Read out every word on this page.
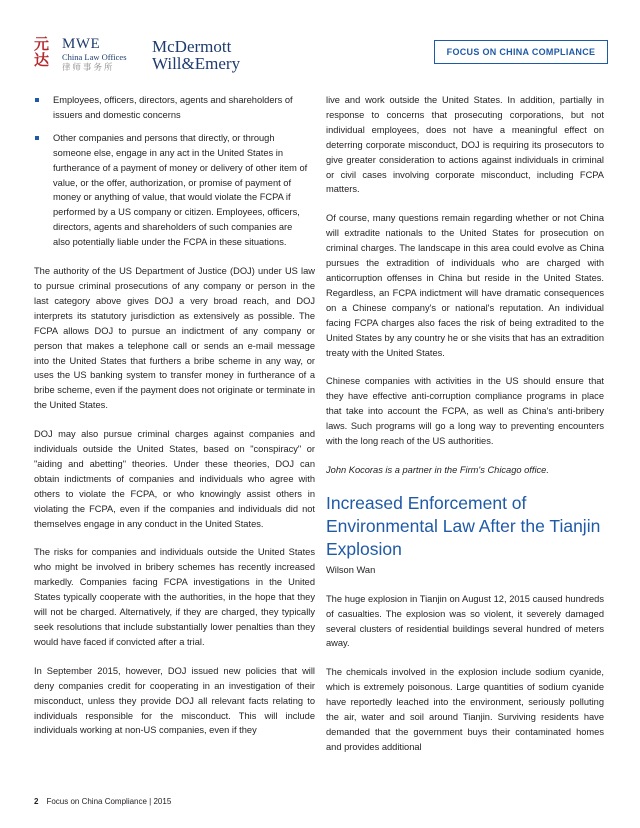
元达
MWE
China Law Offices
律师事务所
McDermott
Will&Emery
FOCUS ON CHINA COMPLIANCE
Employees, officers, directors, agents and shareholders of issuers and domestic concerns
Other companies and persons that directly, or through someone else, engage in any act in the United States in furtherance of a payment of money or delivery of other item of value, or the offer, authorization, or promise of payment of money or anything of value, that would violate the FCPA if performed by a US company or citizen. Employees, officers, directors, agents and shareholders of such companies are also potentially liable under the FCPA in these situations.

The authority of the US Department of Justice (DOJ) under US law to pursue criminal prosecutions of any company or person in the last category above gives DOJ a very broad reach, and DOJ interprets its statutory jurisdiction as extensively as possible. The FCPA allows DOJ to pursue an indictment of any company or person that makes a telephone call or sends an e-mail message into the United States that furthers a bribe scheme in any way, or uses the US banking system to transfer money in furtherance of a bribe scheme, even if the payment does not originate or terminate in the United States.

DOJ may also pursue criminal charges against companies and individuals outside the United States, based on "conspiracy" or "aiding and abetting" theories. Under these theories, DOJ can obtain indictments of companies and individuals who agree with others to violate the FCPA, or who knowingly assist others in violating the FCPA, even if the companies and individuals did not themselves engage in any conduct in the United States.

The risks for companies and individuals outside the United States who might be involved in bribery schemes has recently increased markedly. Companies facing FCPA investigations in the United States typically cooperate with the authorities, in the hope that they will not be charged. Alternatively, if they are charged, they typically seek resolutions that include substantially lower penalties than they would have faced if convicted after a trial.

In September 2015, however, DOJ issued new policies that will deny companies credit for cooperating in an investigation of their misconduct, unless they provide DOJ all relevant facts relating to individuals responsible for the misconduct. This will include individuals working at non-US companies, even if they

live and work outside the United States. In addition, partially in response to concerns that prosecuting corporations, but not individual employees, does not have a meaningful effect on deterring corporate misconduct, DOJ is requiring its prosecutors to give greater consideration to actions against individuals in criminal or civil cases involving corporate misconduct, including FCPA matters.

Of course, many questions remain regarding whether or not China will extradite nationals to the United States for prosecution on criminal charges. The landscape in this area could evolve as China pursues the extradition of individuals who are charged with anticorruption offenses in China but reside in the United States. Regardless, an FCPA indictment will have dramatic consequences on a Chinese company's or national's reputation. An individual facing FCPA charges also faces the risk of being extradited to the United States by any country he or she visits that has an extradition treaty with the United States.

Chinese companies with activities in the US should ensure that they have effective anti-corruption compliance programs in place that take into account the FCPA, as well as China's anti-bribery laws. Such programs will go a long way to preventing encounters with the long reach of the US authorities.

John Kocoras is a partner in the Firm's Chicago office.

Increased Enforcement of Environmental Law After the Tianjin Explosion

Wilson Wan

The huge explosion in Tianjin on August 12, 2015 caused hundreds of casualties. The explosion was so violent, it severely damaged several clusters of residential buildings several hundred of meters away.

The chemicals involved in the explosion include sodium cyanide, which is extremely poisonous. Large quantities of sodium cyanide have reportedly leached into the environment, seriously polluting the air, water and soil around Tianjin. Surviving residents have demanded that the government buys their contaminated homes and provides additional

2 Focus on China Compliance | 2015
